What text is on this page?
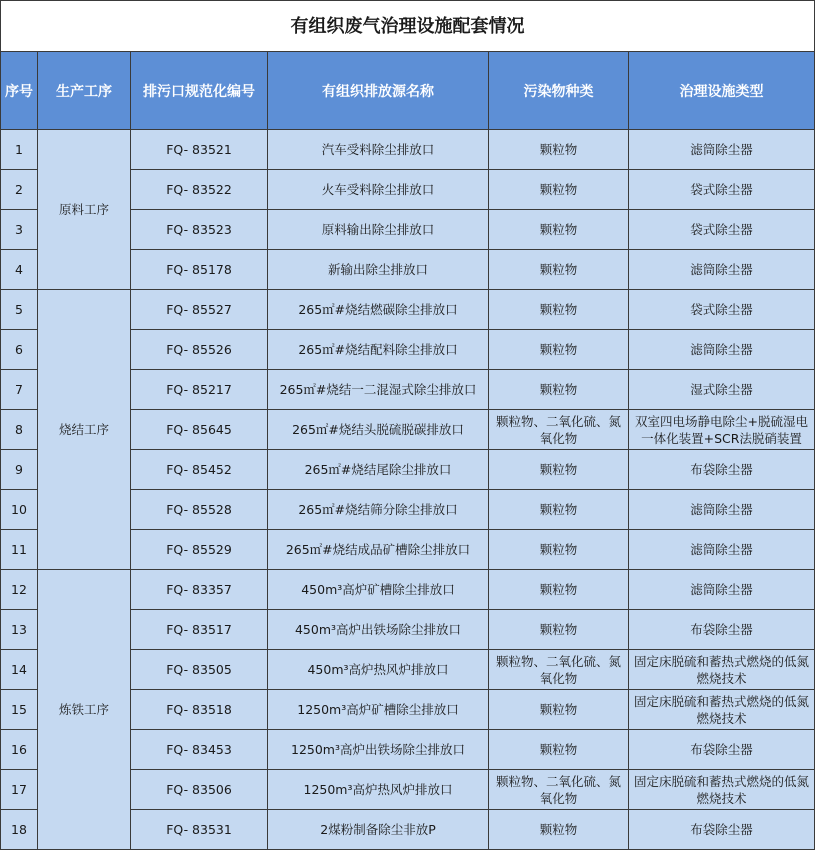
有组织废气治理设施配套情况					
序号	生产工序	排污口规范化编号	有组织排放源名称	污染物种类	治理设施类型
1	原料工序	FQ- 83521	汽车受料除尘排放口	颗粒物	滤筒除尘器
2		FQ- 83522	火车受料除尘排放口	颗粒物	袋式除尘器
3		FQ- 83523	原料输出除尘排放口	颗粒物	袋式除尘器
4		FQ- 85178	新输出除尘排放口	颗粒物	滤筒除尘器
5	烧结工序	FQ- 85527	265㎡#烧结燃碳除尘排放口	颗粒物	袋式除尘器
6		FQ- 85526	265㎡#烧结配料除尘排放口	颗粒物	滤筒除尘器
7		FQ- 85217	265㎡#烧结一二混湿式除尘排放口	颗粒物	湿式除尘器
8		FQ- 85645	265㎡#烧结头脱硫脱碳排放口	颗粒物、二氧化硫、氮氧化物	双室四电场静电除尘+脱硫湿电一体化装置+SCR法脱硝装置
9		FQ- 85452	265㎡#烧结尾除尘排放口	颗粒物	布袋除尘器
10		FQ- 85528	265㎡#烧结筛分除尘排放口	颗粒物	滤筒除尘器
11		FQ- 85529	265㎡#烧结成品矿槽除尘排放口	颗粒物	滤筒除尘器
12	炼铁工序	FQ- 83357	450m³高炉矿槽除尘排放口	颗粒物	滤筒除尘器
13		FQ- 83517	450m³高炉出铁场除尘排放口	颗粒物	布袋除尘器
14		FQ- 83505	450m³高炉热风炉排放口	颗粒物、二氧化硫、氮氧化物	固定床脱硫和蓄热式燃烧的低氮燃烧技术
15		FQ- 83518	1250m³高炉矿槽除尘排放口	颗粒物	固定床脱硫和蓄热式燃烧的低氮燃烧技术
16		FQ- 83453	1250m³高炉出铁场除尘排放口	颗粒物	布袋除尘器
17		FQ- 83506	1250m³高炉热风炉排放口	颗粒物、二氧化硫、氮氧化物	固定床脱硫和蓄热式燃烧的低氮燃烧技术
18		FQ- 83531	2煤粉制备除尘非放P	颗粒物	布袋除尘器
